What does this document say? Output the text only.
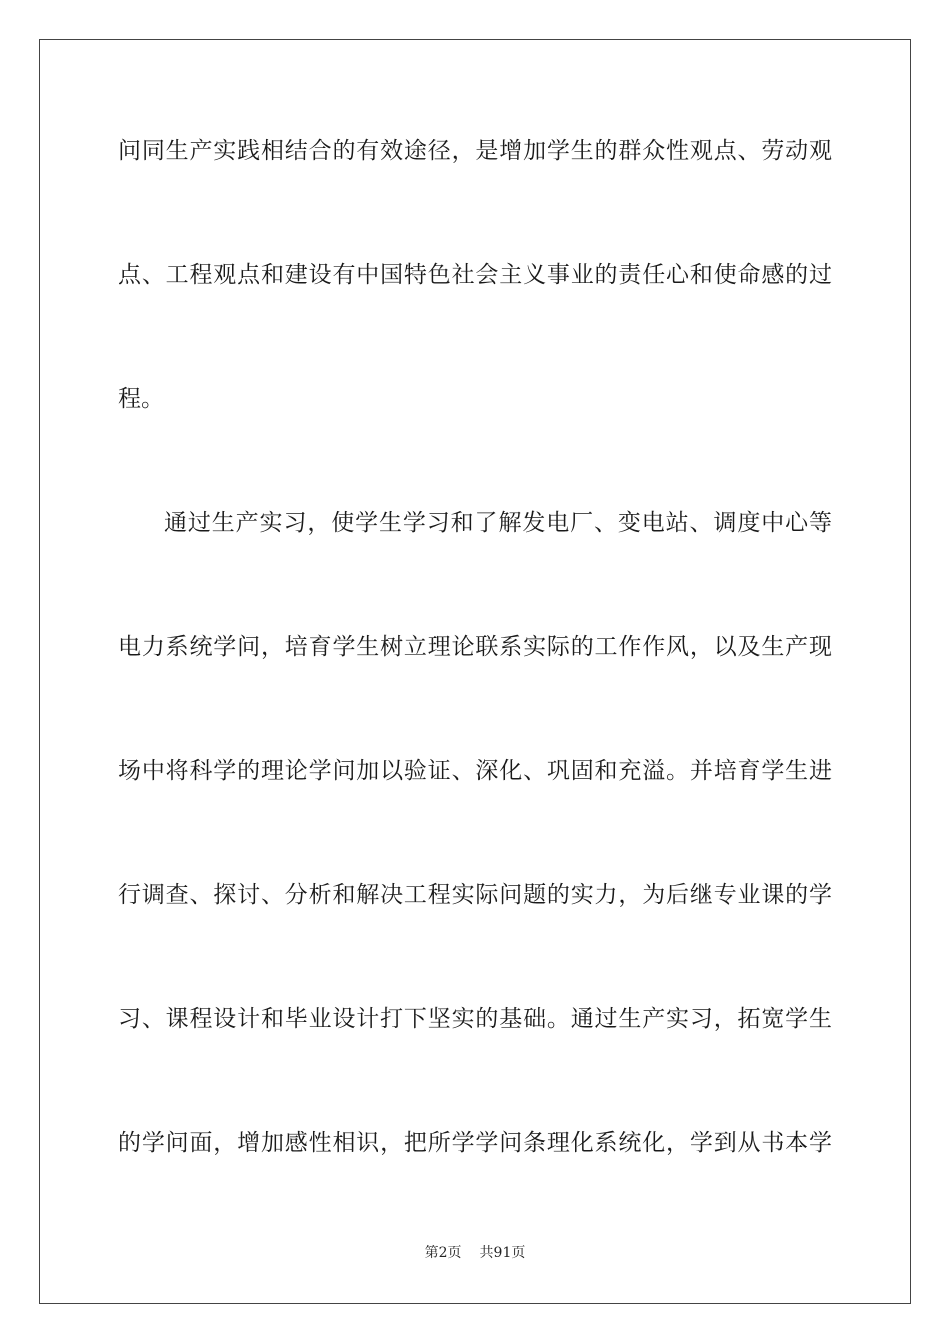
问同生产实践相结合的有效途径，是增加学生的群众性观点、劳动观
点、工程观点和建设有中国特色社会主义事业的责任心和使命感的过
程。
通过生产实习，使学生学习和了解发电厂、变电站、调度中心等
电力系统学问，培育学生树立理论联系实际的工作作风，以及生产现
场中将科学的理论学问加以验证、深化、巩固和充溢。并培育学生进
行调查、探讨、分析和解决工程实际问题的实力，为后继专业课的学
习、课程设计和毕业设计打下坚实的基础。通过生产实习，拓宽学生
的学问面，增加感性相识，把所学学问条理化系统化，学到从书本学
第2页 共91页
